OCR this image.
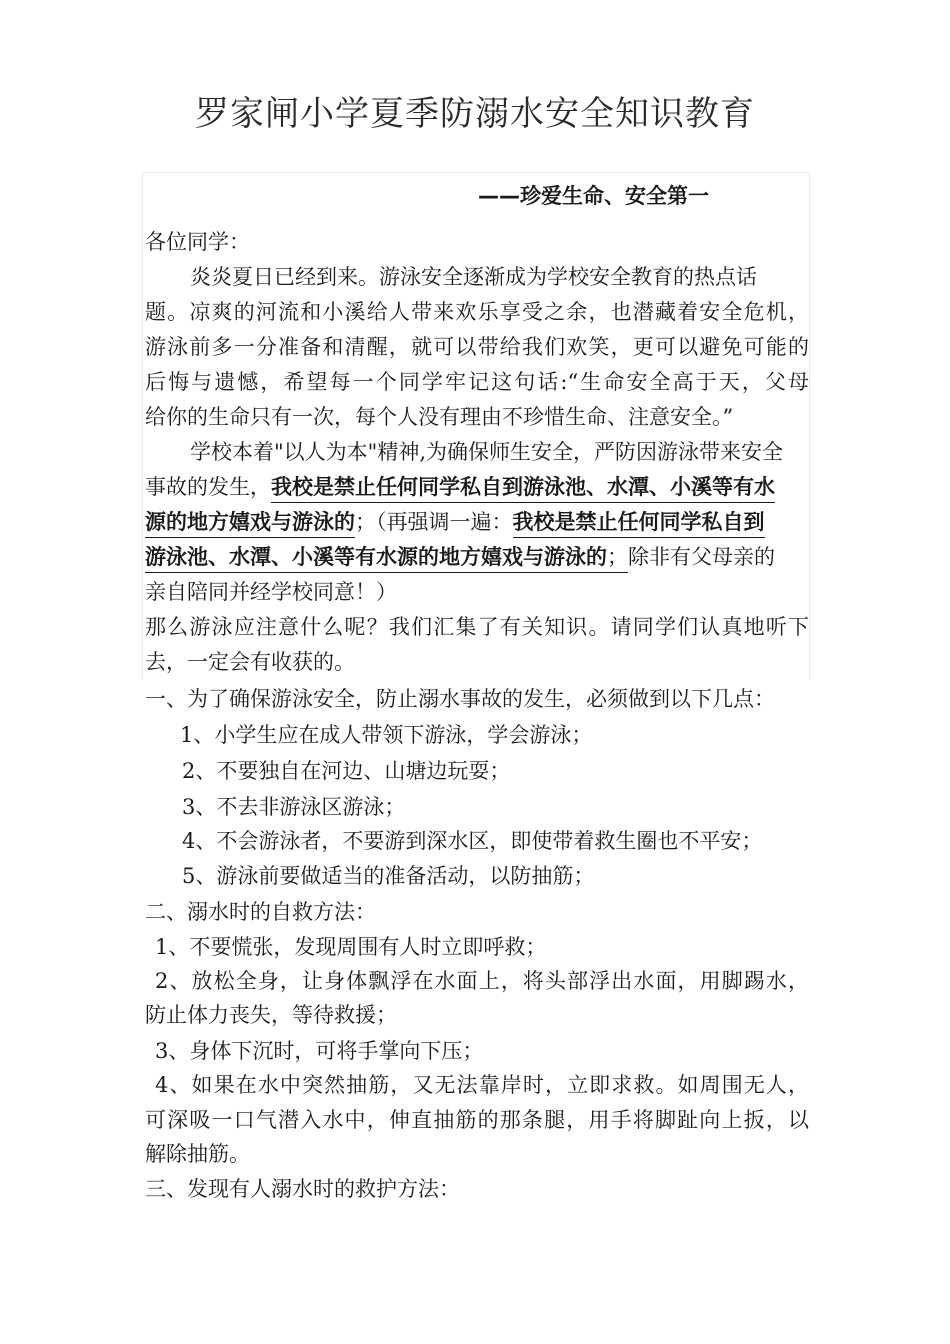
罗家闸小学夏季防溺水安全知识教育
——珍爱生命、安全第一
各位同学：
炎炎夏日已经到来。游泳安全逐渐成为学校安全教育的热点话
题。凉爽的河流和小溪给人带来欢乐享受之余，也潜藏着安全危机，
游泳前多一分准备和清醒，就可以带给我们欢笑，更可以避免可能的
后悔与遗憾，希望每一个同学牢记这句话:“生命安全高于天，父母
给你的生命只有一次，每个人没有理由不珍惜生命、注意安全。”
学校本着"以人为本"精神,为确保师生安全，严防因游泳带来安全
事故的发生，我校是禁止任何同学私自到游泳池、水潭、小溪等有水
源的地方嬉戏与游泳的；（再强调一遍：我校是禁止任何同学私自到
游泳池、水潭、小溪等有水源的地方嬉戏与游泳的；除非有父母亲的
亲自陪同并经学校同意！）
那么游泳应注意什么呢？我们汇集了有关知识。请同学们认真地听下
去，一定会有收获的。
一、为了确保游泳安全，防止溺水事故的发生，必须做到以下几点：
1、小学生应在成人带领下游泳，学会游泳；
2、不要独自在河边、山塘边玩耍；
3、不去非游泳区游泳；
4、不会游泳者，不要游到深水区，即使带着救生圈也不平安；
5、游泳前要做适当的准备活动，以防抽筋；
二、溺水时的自救方法：
1、不要慌张，发现周围有人时立即呼救；
2、放松全身，让身体飘浮在水面上，将头部浮出水面，用脚踢水，
防止体力丧失，等待救援；
3、身体下沉时，可将手掌向下压；
4、如果在水中突然抽筋，又无法靠岸时，立即求救。如周围无人，
可深吸一口气潜入水中，伸直抽筋的那条腿，用手将脚趾向上扳，以
解除抽筋。
三、发现有人溺水时的救护方法：
